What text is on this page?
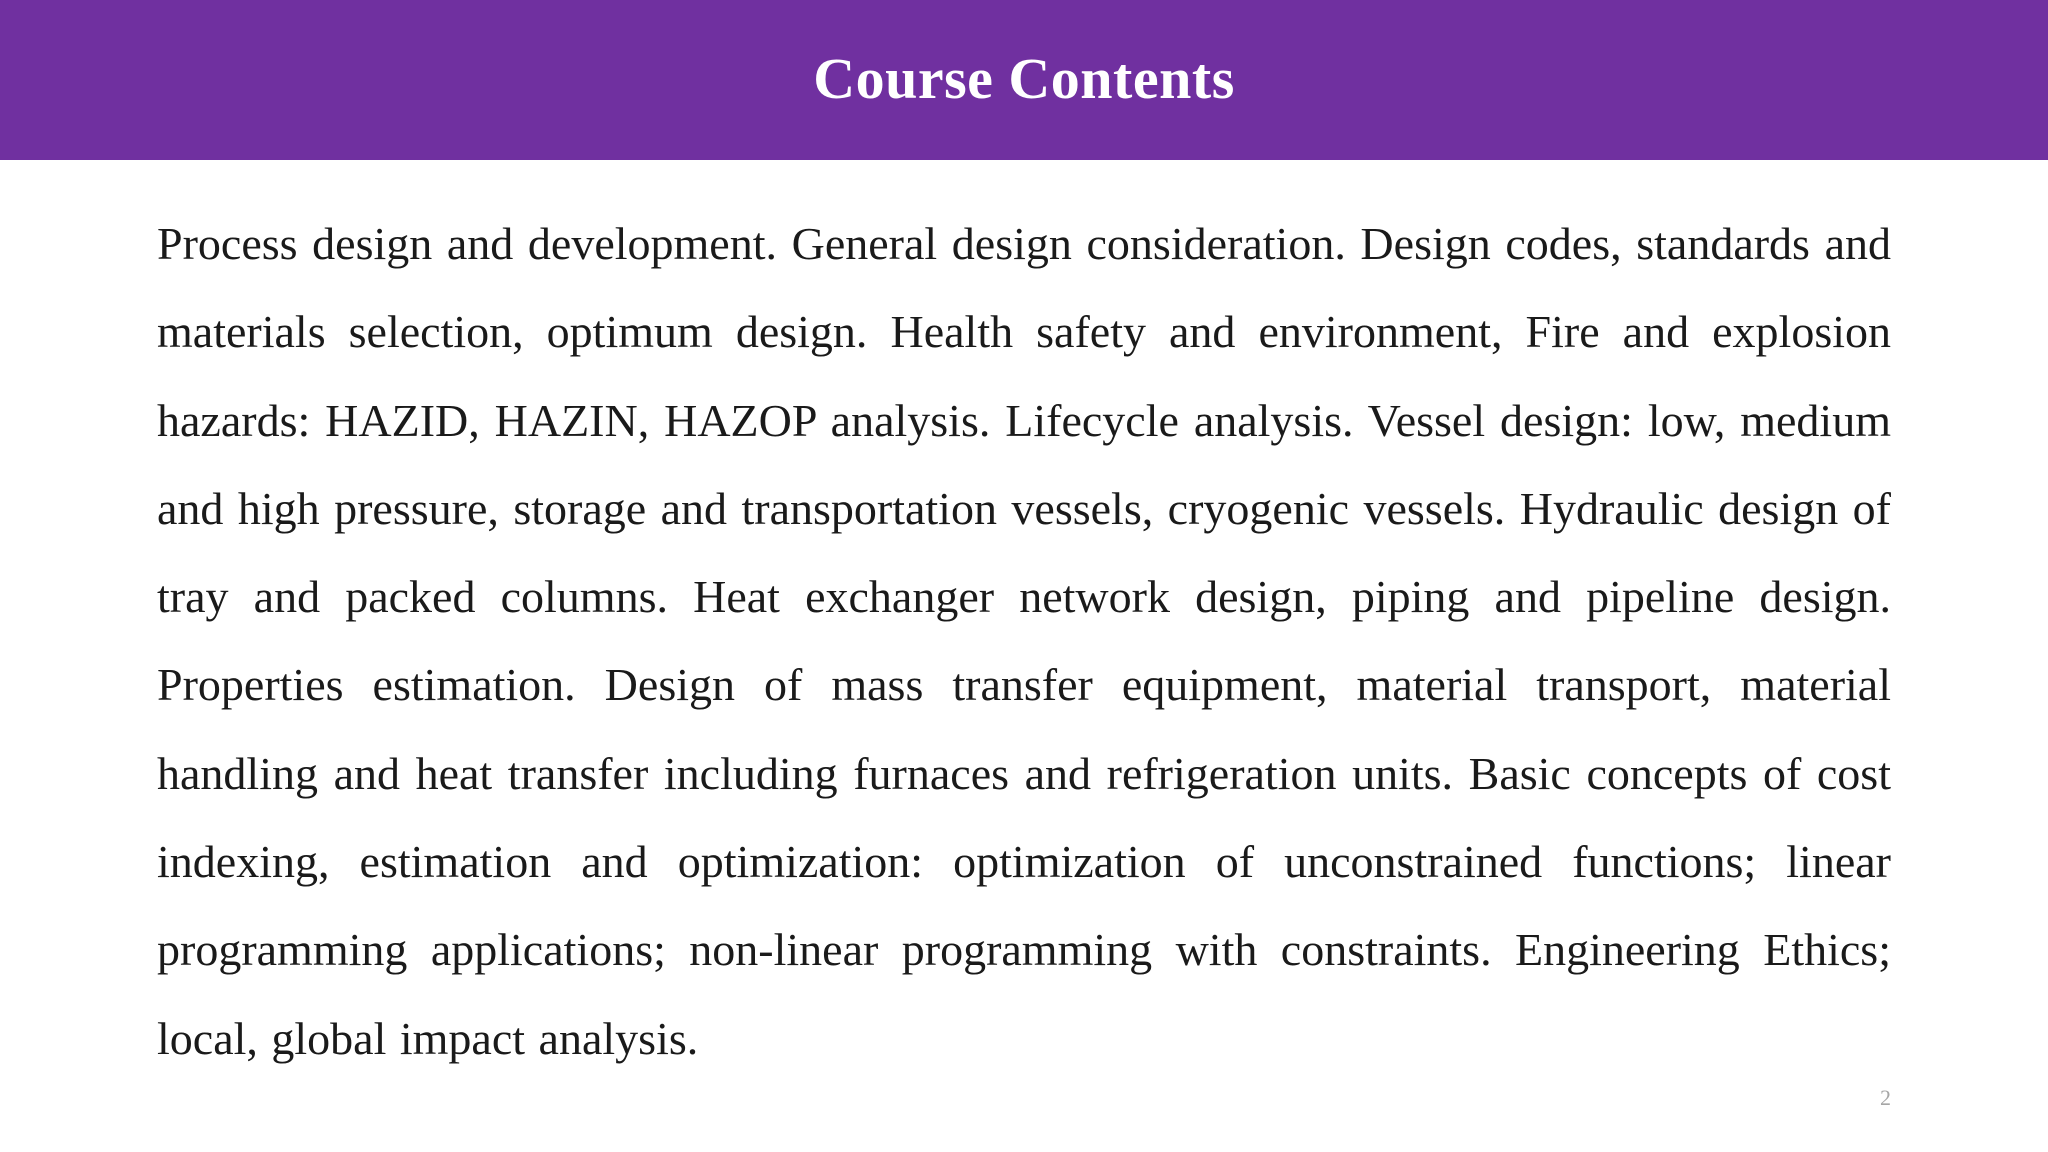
Course Contents

Process design and development. General design consideration. Design codes, standards and materials selection, optimum design. Health safety and environment, Fire and explosion hazards: HAZID, HAZIN, HAZOP analysis. Lifecycle analysis. Vessel design: low, medium and high pressure, storage and transportation vessels, cryogenic vessels. Hydraulic design of tray and packed columns. Heat exchanger network design, piping and pipeline design. Properties estimation. Design of mass transfer equipment, material transport, material handling and heat transfer including furnaces and refrigeration units. Basic concepts of cost indexing, estimation and optimization: optimization of unconstrained functions; linear programming applications; non-linear programming with constraints. Engineering Ethics; local, global impact analysis.

2
